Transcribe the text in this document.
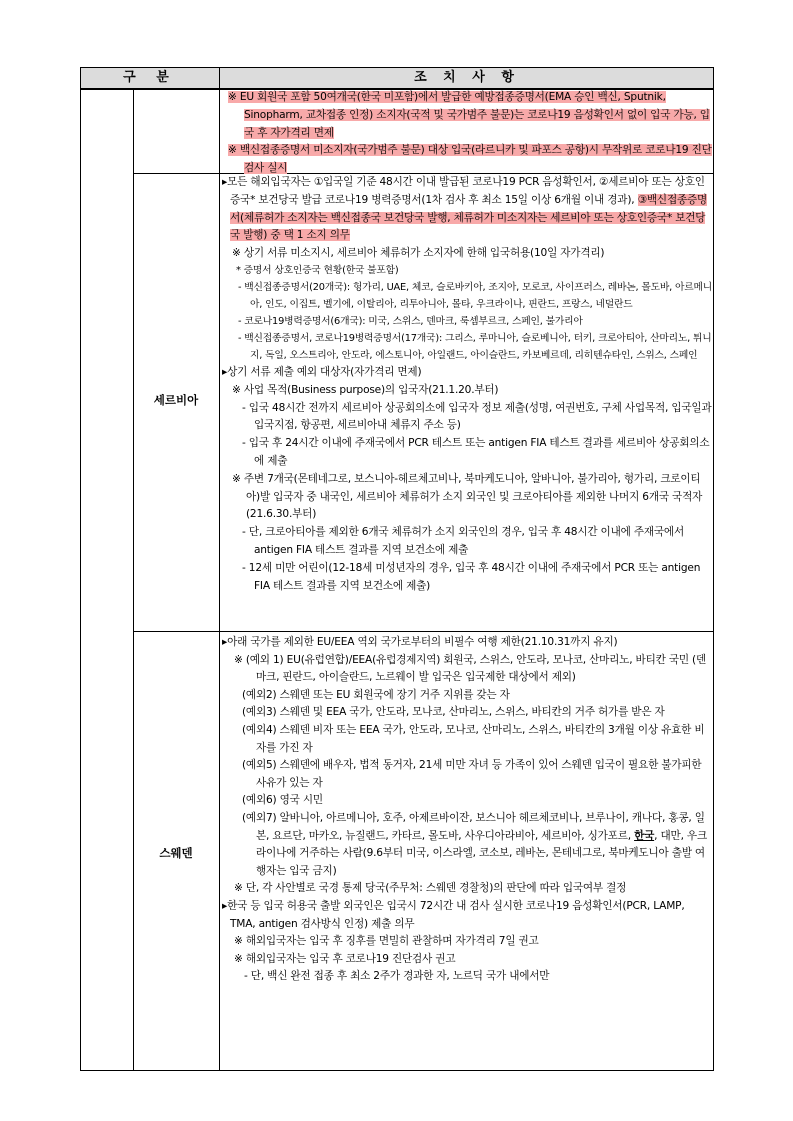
구 분	조 치 사 항

※ EU 회원국 포함 50여개국(한국 미포함)에서 발급한 예방접종증명서(EMA 승인 백신, Sputnik, Sinopharm, 교차접종 인정) 소지자(국적 및 국가범주 불문)는 코로나19 음성확인서 없이 입국 가능, 입국 후 자가격리 면제

※ 백신접종증명서 미소지자(국가범주 불문) 대상 입국(라르니카 및 파포스 공항)시 무작위로 코로나19 진단검사 실시

세르비아

▸모든 해외입국자는 ①입국일 기준 48시간 이내 발급된 코로나19 PCR 음성확인서, ②세르비아 또는 상호인증국* 보건당국 발급 코로나19 병력증명서(1차 검사 후 최소 15일 이상 6개월 이내 경과), ③백신접종증명서(체류허가 소지자는 백신접종국 보건당국 발행, 체류허가 미소지자는 세르비아 또는 상호인증국* 보건당국 발행) 중 택 1 소지 의무

※ 상기 서류 미소지시, 세르비아 체류허가 소지자에 한해 입국허용(10일 자가격리)

* 증명서 상호인증국 현황(한국 불포함)

- 백신접종증명서(20개국): 헝가리, UAE, 체코, 슬로바키아, 조지아, 모로코, 사이프러스, 레바논, 몰도바, 아르메니아, 인도, 이집트, 벨기에, 이탈리아, 리투아니아, 몰타, 우크라이나, 핀란드, 프랑스, 네덜란드

- 코로나19병력증명서(6개국): 미국, 스위스, 덴마크, 룩셈부르크, 스페인, 불가리아

- 백신접종증명서, 코로나19병력증명서(17개국): 그리스, 루마니아, 슬로베니아, 터키, 크로아티아, 산마리노, 튀니지, 독일, 오스트리아, 안도라, 에스토니아, 아일랜드, 아이슬란드, 카보베르데, 리히텐슈타인, 스위스, 스페인

▸상기 서류 제출 예외 대상자(자가격리 면제)

※ 사업 목적(Business purpose)의 입국자(21.1.20.부터)

- 입국 48시간 전까지 세르비아 상공회의소에 입국자 정보 제출(성명, 여권번호, 구체 사업목적, 입국일과 입국지점, 항공편, 세르비아내 체류지 주소 등)

- 입국 후 24시간 이내에 주재국에서 PCR 테스트 또는 antigen FIA 테스트 결과를 세르비아 상공회의소에 제출

※ 주변 7개국(몬테네그로, 보스니아-헤르체고비나, 북마케도니아, 알바니아, 불가리아, 헝가리, 크로이티아)발 입국자 중 내국인, 세르비아 체류허가 소지 외국인 및 크로아티아를 제외한 나머지 6개국 국적자(21.6.30.부터)

- 단, 크로아티아를 제외한 6개국 체류허가 소지 외국인의 경우, 입국 후 48시간 이내에 주재국에서 antigen FIA 테스트 결과를 지역 보건소에 제출

- 12세 미만 어린이(12-18세 미성년자의 경우, 입국 후 48시간 이내에 주재국에서 PCR 또는 antigen FIA 테스트 결과를 지역 보건소에 제출)

스웨덴

▸아래 국가를 제외한 EU/EEA 역외 국가로부터의 비필수 여행 제한(21.10.31까지 유지)

※ (예외 1) EU(유럽연합)/EEA(유럽경제지역) 회원국, 스위스, 안도라, 모나코, 산마리노, 바티칸 국민 (덴마크, 핀란드, 아이슬란드, 노르웨이 발 입국은 입국제한 대상에서 제외)

(예외2) 스웨덴 또는 EU 회원국에 장기 거주 지위를 갖는 자

(예외3) 스웨덴 및 EEA 국가, 안도라, 모나코, 산마리노, 스위스, 바티칸의 거주 허가를 받은 자

(예외4) 스웨덴 비자 또는 EEA 국가, 안도라, 모나코, 산마리노, 스위스, 바티칸의 3개월 이상 유효한 비자를 가진 자

(예외5) 스웨덴에 배우자, 법적 동거자, 21세 미만 자녀 등 가족이 있어 스웨덴 입국이 필요한 불가피한 사유가 있는 자

(예외6) 영국 시민

(예외7) 알바니아, 아르메니아, 호주, 아제르바이잔, 보스니아 헤르체코비나, 브루나이, 캐나다, 홍콩, 일본, 요르단, 마카오, 뉴질랜드, 카타르, 몰도바, 사우디아라비아, 세르비아, 싱가포르, 한국, 대만, 우크라이나에 거주하는 사람(9.6부터 미국, 이스라엘, 코소보, 레바논, 몬테네그로, 북마케도니아 출발 여행자는 입국 금지)

※ 단, 각 사안별로 국경 통제 당국(주무처: 스웨덴 경찰청)의 판단에 따라 입국여부 결정

▸한국 등 입국 허용국 출발 외국인은 입국시 72시간 내 검사 실시한 코로나19 음성확인서(PCR, LAMP, TMA, antigen 검사방식 인정) 제출 의무

※ 해외입국자는 입국 후 징후를 면밀히 관찰하며 자가격리 7일 권고

※ 해외입국자는 입국 후 코로나19 진단검사 권고

- 단, 백신 완전 접종 후 최소 2주가 경과한 자, 노르딕 국가 내에서만
